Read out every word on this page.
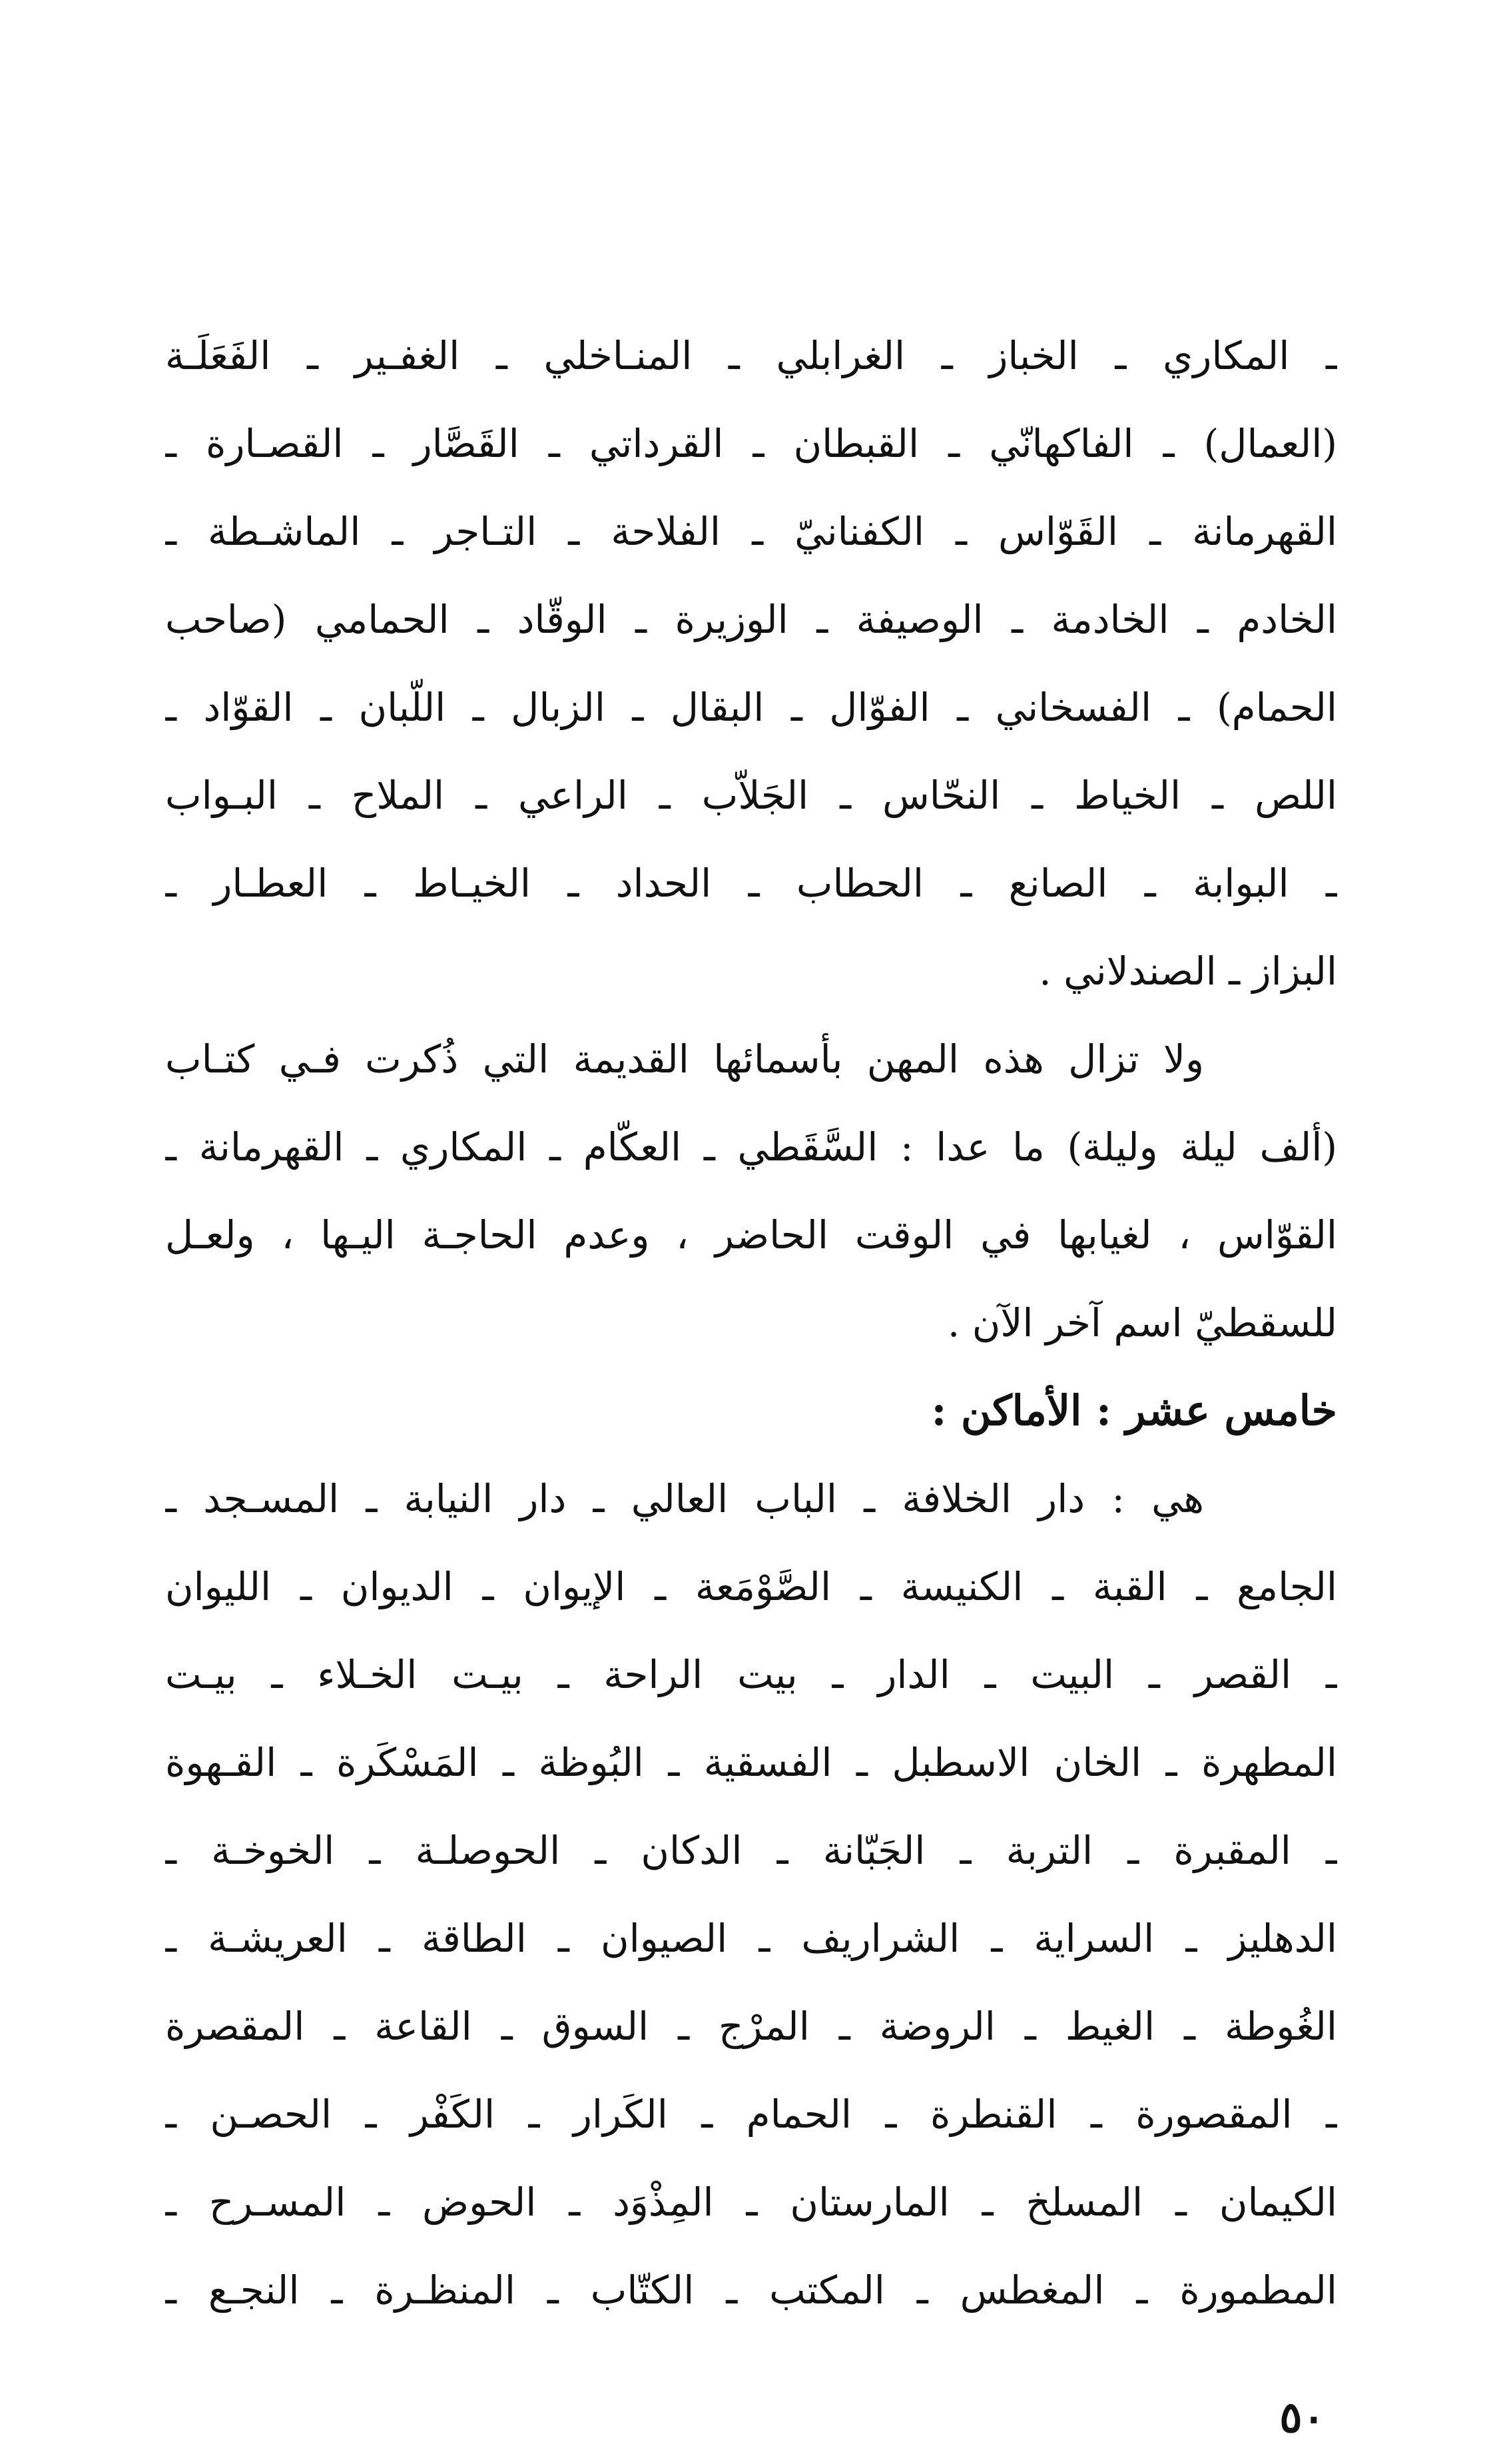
ـ المكاري ـ الخباز ـ الغرابلي ـ المنـاخلي ـ الغفـير ـ الفَعَلَـة
(العمال) ـ الفاكهانّي ـ القبطان ـ القرداتي ـ القَصَّار ـ القصـارة ـ
القهرمانة ـ القَوّاس ـ الكفنانيّ ـ الفلاحة ـ التـاجر ـ الماشـطة ـ
الخادم ـ الخادمة ـ الوصيفة ـ الوزيرة ـ الوقّاد ـ الحمامي (صاحب
الحمام) ـ الفسخاني ـ الفوّال ـ البقال ـ الزبال ـ اللّبان ـ القوّاد ـ
اللص ـ الخياط ـ النحّاس ـ الجَلاّب ـ الراعي ـ الملاح ـ البـواب
ـ البوابة ـ الصانع ـ الحطاب ـ الحداد ـ الخيـاط ـ العطـار ـ
البزاز ـ الصندلاني .
ولا تزال هذه المهن بأسمائها القديمة التي ذُكرت فـي كتـاب
(ألف ليلة وليلة) ما عدا : السَّقَطي ـ العكّام ـ المكاري ـ القهرمانة ـ
القوّاس ، لغيابها في الوقت الحاضر ، وعدم الحاجـة اليـها ، ولعـل
للسقطيّ اسم آخر الآن .
خامس عشر : الأماكن :
هي : دار الخلافة ـ الباب العالي ـ دار النيابة ـ المسـجد ـ
الجامع ـ القبة ـ الكنيسة ـ الصَّوْمَعة ـ الإيوان ـ الديوان ـ الليوان
ـ القصر ـ البيت ـ الدار ـ بيت الراحة ـ بيـت الخـلاء ـ بيـت
المطهرة ـ الخان الاسطبل ـ الفسقية ـ البُوظة ـ المَسْكَرة ـ القـهوة
ـ المقبرة ـ التربة ـ الجَبّانة ـ الدكان ـ الحوصلـة ـ الخوخـة ـ
الدهليز ـ السراية ـ الشراريف ـ الصيوان ـ الطاقة ـ العريشـة ـ
الغُوطة ـ الغيط ـ الروضة ـ المرْج ـ السوق ـ القاعة ـ المقصرة
ـ المقصورة ـ القنطرة ـ الحمام ـ الكَرار ـ الكَفْر ـ الحصـن ـ
الكيمان ـ المسلخ ـ المارستان ـ المِذْوَد ـ الحوض ـ المسـرح ـ
المطمورة ـ المغطس ـ المكتب ـ الكتّاب ـ المنظـرة ـ النجـع ـ
٥٠
